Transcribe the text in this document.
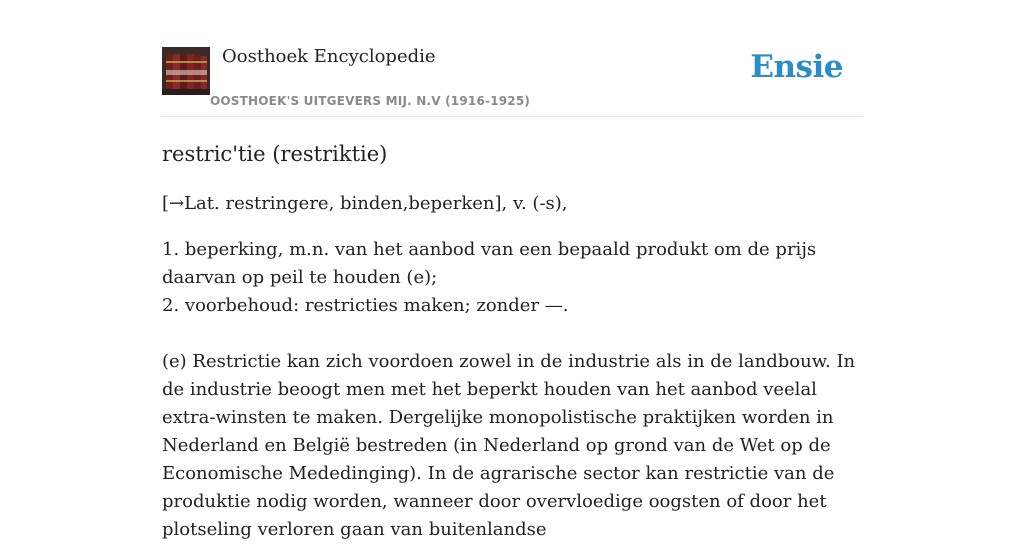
Oosthoek Encyclopedie
OOSTHOEK'S UITGEVERS MIJ. N.V (1916-1925)
Ensie
restric'tie (restriktie)

[→Lat. restringere, binden,beperken], v. (-s),

1. beperking, m.n. van het aanbod van een bepaald produkt om de prijs daarvan op peil te houden (e);
2. voorbehoud: restricties maken; zonder —.

(e) Restrictie kan zich voordoen zowel in de industrie als in de landbouw. In de industrie beoogt men met het beperkt houden van het aanbod veelal extra-winsten te maken. Dergelijke monopolistische praktijken worden in Nederland en België bestreden (in Nederland op grond van de Wet op de Economische Mededinging). In de agrarische sector kan restrictie van de produktie nodig worden, wanneer door overvloedige oogsten of door het plotseling verloren gaan van buitenlandse
